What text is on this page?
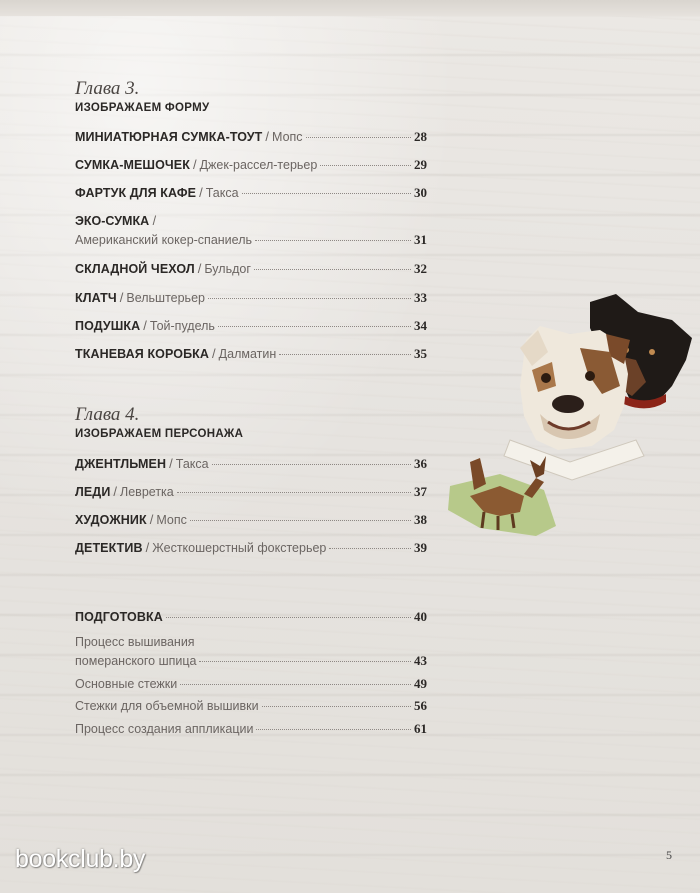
Глава 3.
ИЗОБРАЖАЕМ ФОРМУ
МИНИАТЮРНАЯ СУМКА-ТОУТ / Мопс	28
СУМКА-МЕШОЧЕК / Джек-рассел-терьер	29
ФАРТУК ДЛЯ КАФЕ / Такса	30
ЭКО-СУМКА /
Американский кокер-спаниель	31
СКЛАДНОЙ ЧЕХОЛ / Бульдог	32
КЛАТЧ / Вельштерьер	33
ПОДУШКА / Той-пудель	34
ТКАНЕВАЯ КОРОБКА / Далматин	35
Глава 4.
ИЗОБРАЖАЕМ ПЕРСОНАЖА
ДЖЕНТЛЬМЕН / Такса	36
ЛЕДИ / Левретка	37
ХУДОЖНИК / Мопс	38
ДЕТЕКТИВ / Жесткошерстный фокстерьер	39
ПОДГОТОВКА	40
Процесс вышивания
померанского шпица	43
Основные стежки	49
Стежки для объемной вышивки	56
Процесс создания аппликации	61
bookclub.by	5
